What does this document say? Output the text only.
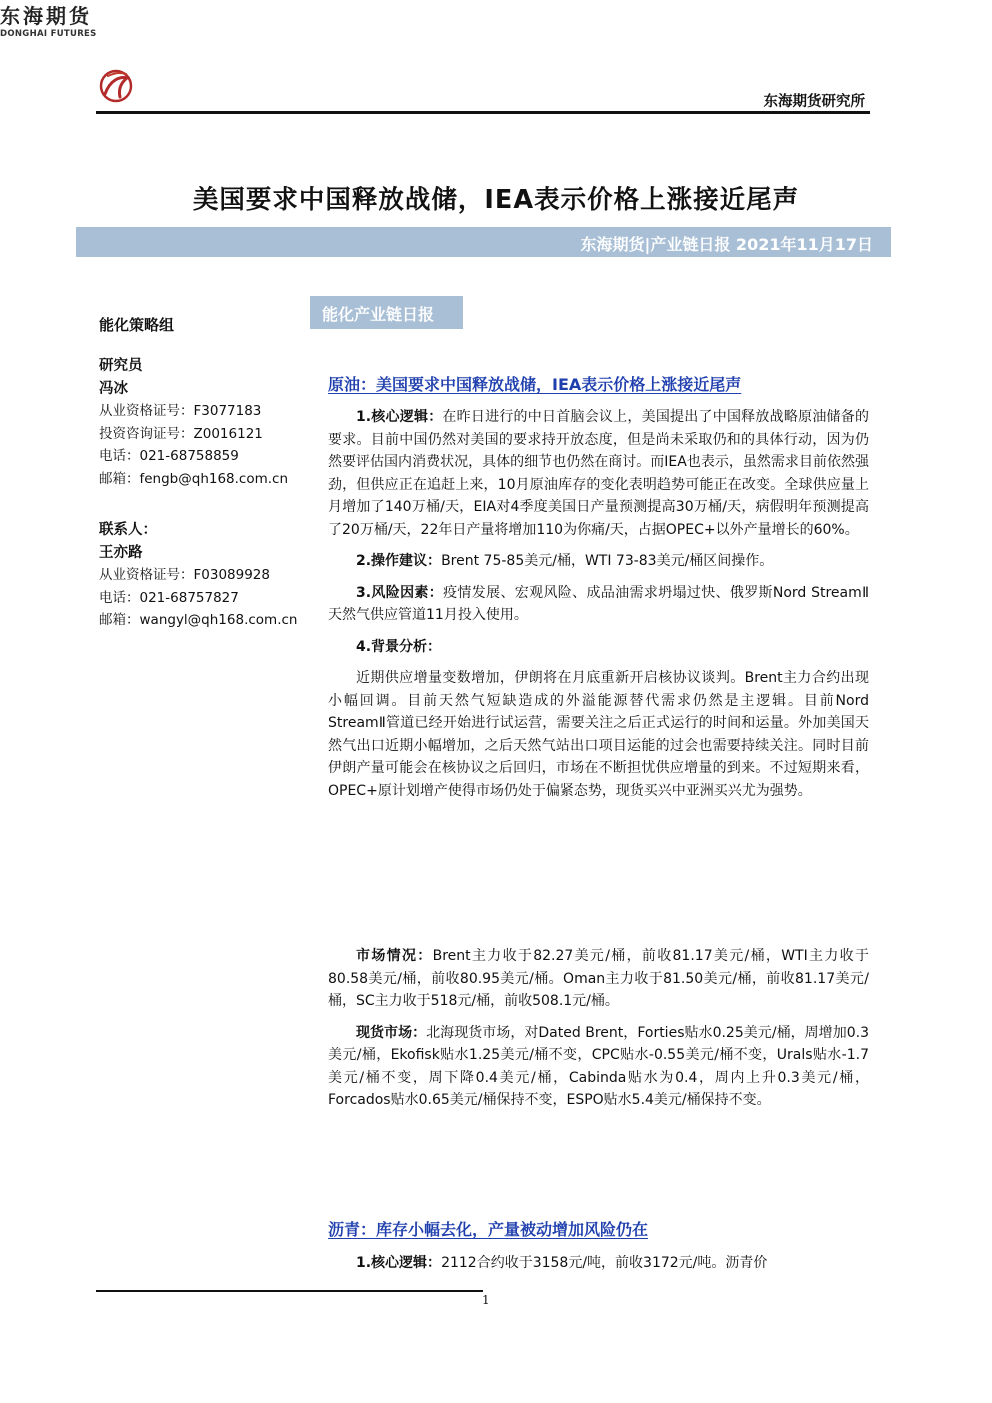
东海期货
DONGHAI FUTURES
东海期货研究所
美国要求中国释放战储，IEA表示价格上涨接近尾声
东海期货|产业链日报 2021年11月17日
能化策略组
研究员
冯冰
从业资格证号：F3077183
投资咨询证号：Z0016121
电话：021-68758859
邮箱：fengb@qh168.com.cn
联系人：
王亦路
从业资格证号：F03089928
电话：021-68757827
邮箱：wangyl@qh168.com.cn
能化产业链日报
原油：美国要求中国释放战储，IEA表示价格上涨接近尾声

1.核心逻辑：在昨日进行的中日首脑会议上，美国提出了中国释放战略原油储备的要求。目前中国仍然对美国的要求持开放态度，但是尚未采取仍和的具体行动，因为仍然要评估国内消费状况，具体的细节也仍然在商讨。而IEA也表示，虽然需求目前依然强劲，但供应正在追赶上来，10月原油库存的变化表明趋势可能正在改变。全球供应量上月增加了140万桶/天，EIA对4季度美国日产量预测提高30万桶/天，病假明年预测提高了20万桶/天，22年日产量将增加110为你痛/天，占据OPEC+以外产量增长的60%。

2.操作建议：Brent 75-85美元/桶，WTI 73-83美元/桶区间操作。

3.风险因素：疫情发展、宏观风险、成品油需求坍塌过快、俄罗斯Nord StreamⅡ天然气供应管道11月投入使用。

4.背景分析：

近期供应增量变数增加，伊朗将在月底重新开启核协议谈判。Brent主力合约出现小幅回调。目前天然气短缺造成的外溢能源替代需求仍然是主逻辑。目前Nord StreamⅡ管道已经开始进行试运营，需要关注之后正式运行的时间和运量。外加美国天然气出口近期小幅增加，之后天然气站出口项目运能的过会也需要持续关注。同时目前伊朗产量可能会在核协议之后回归，市场在不断担忧供应增量的到来。不过短期来看，OPEC+原计划增产使得市场仍处于偏紧态势，现货买兴中亚洲买兴尤为强势。

市场情况：Brent主力收于82.27美元/桶，前收81.17美元/桶，WTI主力收于80.58美元/桶，前收80.95美元/桶。Oman主力收于81.50美元/桶，前收81.17美元/桶，SC主力收于518元/桶，前收508.1元/桶。

现货市场：北海现货市场，对Dated Brent，Forties贴水0.25美元/桶，周增加0.3美元/桶，Ekofisk贴水1.25美元/桶不变，CPC贴水-0.55美元/桶不变，Urals贴水-1.7美元/桶不变，周下降0.4美元/桶，Cabinda贴水为0.4，周内上升0.3美元/桶，Forcados贴水0.65美元/桶保持不变，ESPO贴水5.4美元/桶保持不变。

沥青：库存小幅去化，产量被动增加风险仍在

1.核心逻辑：2112合约收于3158元/吨，前收3172元/吨。沥青价

1
